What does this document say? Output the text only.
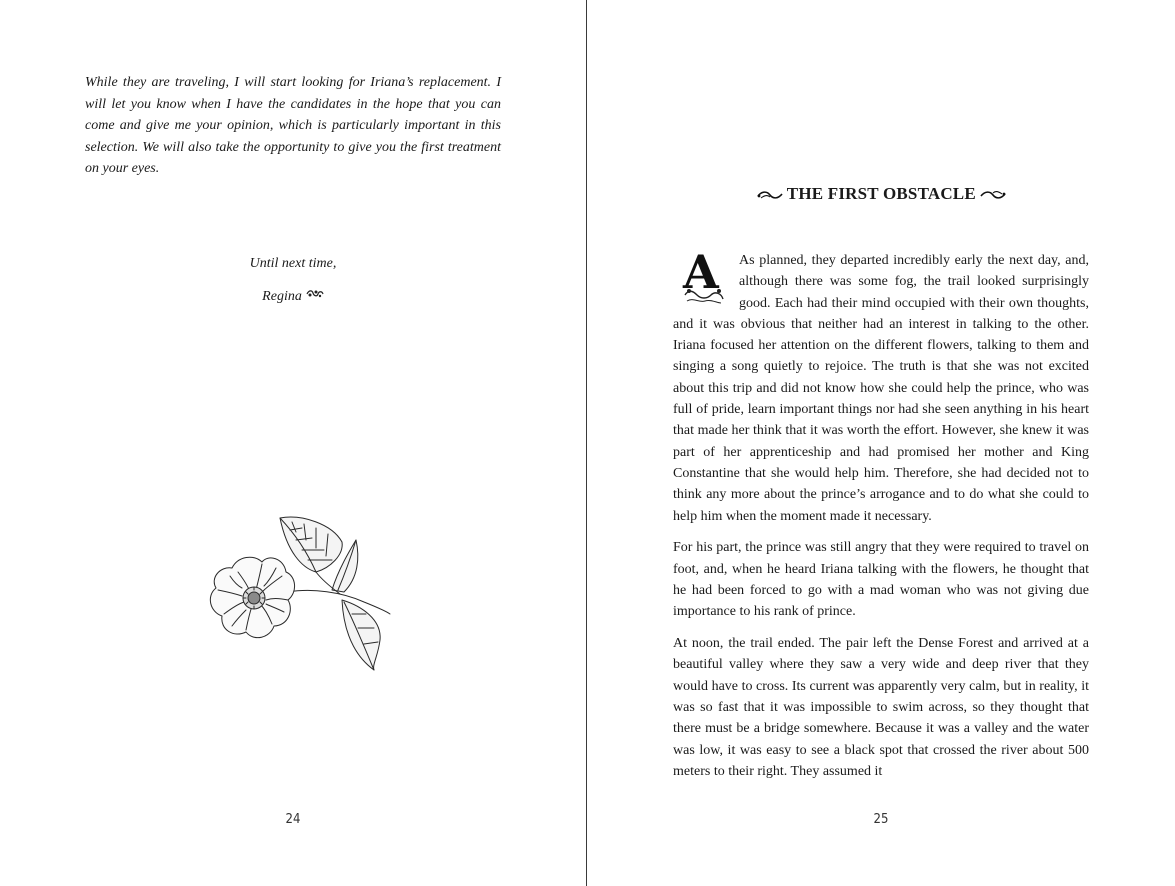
While they are traveling, I will start looking for Iriana’s replacement. I will let you know when I have the candidates in the hope that you can come and give me your opinion, which is particularly important in this selection. We will also take the opportunity to give you the first treatment on your eyes.

Until next time,

Regina

24
THE FIRST OBSTACLE

A As planned, they departed incredibly early the next day, and, although there was some fog, the trail looked surprisingly good. Each had their mind occupied with their own thoughts, and it was obvious that neither had an interest in talking to the other. Iriana focused her attention on the different flowers, talking to them and singing a song quietly to rejoice. The truth is that she was not excited about this trip and did not know how she could help the prince, who was full of pride, learn important things nor had she seen anything in his heart that made her think that it was worth the effort. However, she knew it was part of her apprenticeship and had promised her mother and King Constantine that she would help him. Therefore, she had decided not to think any more about the prince’s arrogance and to do what she could to help him when the moment made it necessary.

For his part, the prince was still angry that they were required to travel on foot, and, when he heard Iriana talking with the flowers, he thought that he had been forced to go with a mad woman who was not giving due importance to his rank of prince.

At noon, the trail ended. The pair left the Dense Forest and arrived at a beautiful valley where they saw a very wide and deep river that they would have to cross. Its current was apparently very calm, but in reality, it was so fast that it was impossible to swim across, so they thought that there must be a bridge somewhere. Because it was a valley and the water was low, it was easy to see a black spot that crossed the river about 500 meters to their right. They assumed it

25
